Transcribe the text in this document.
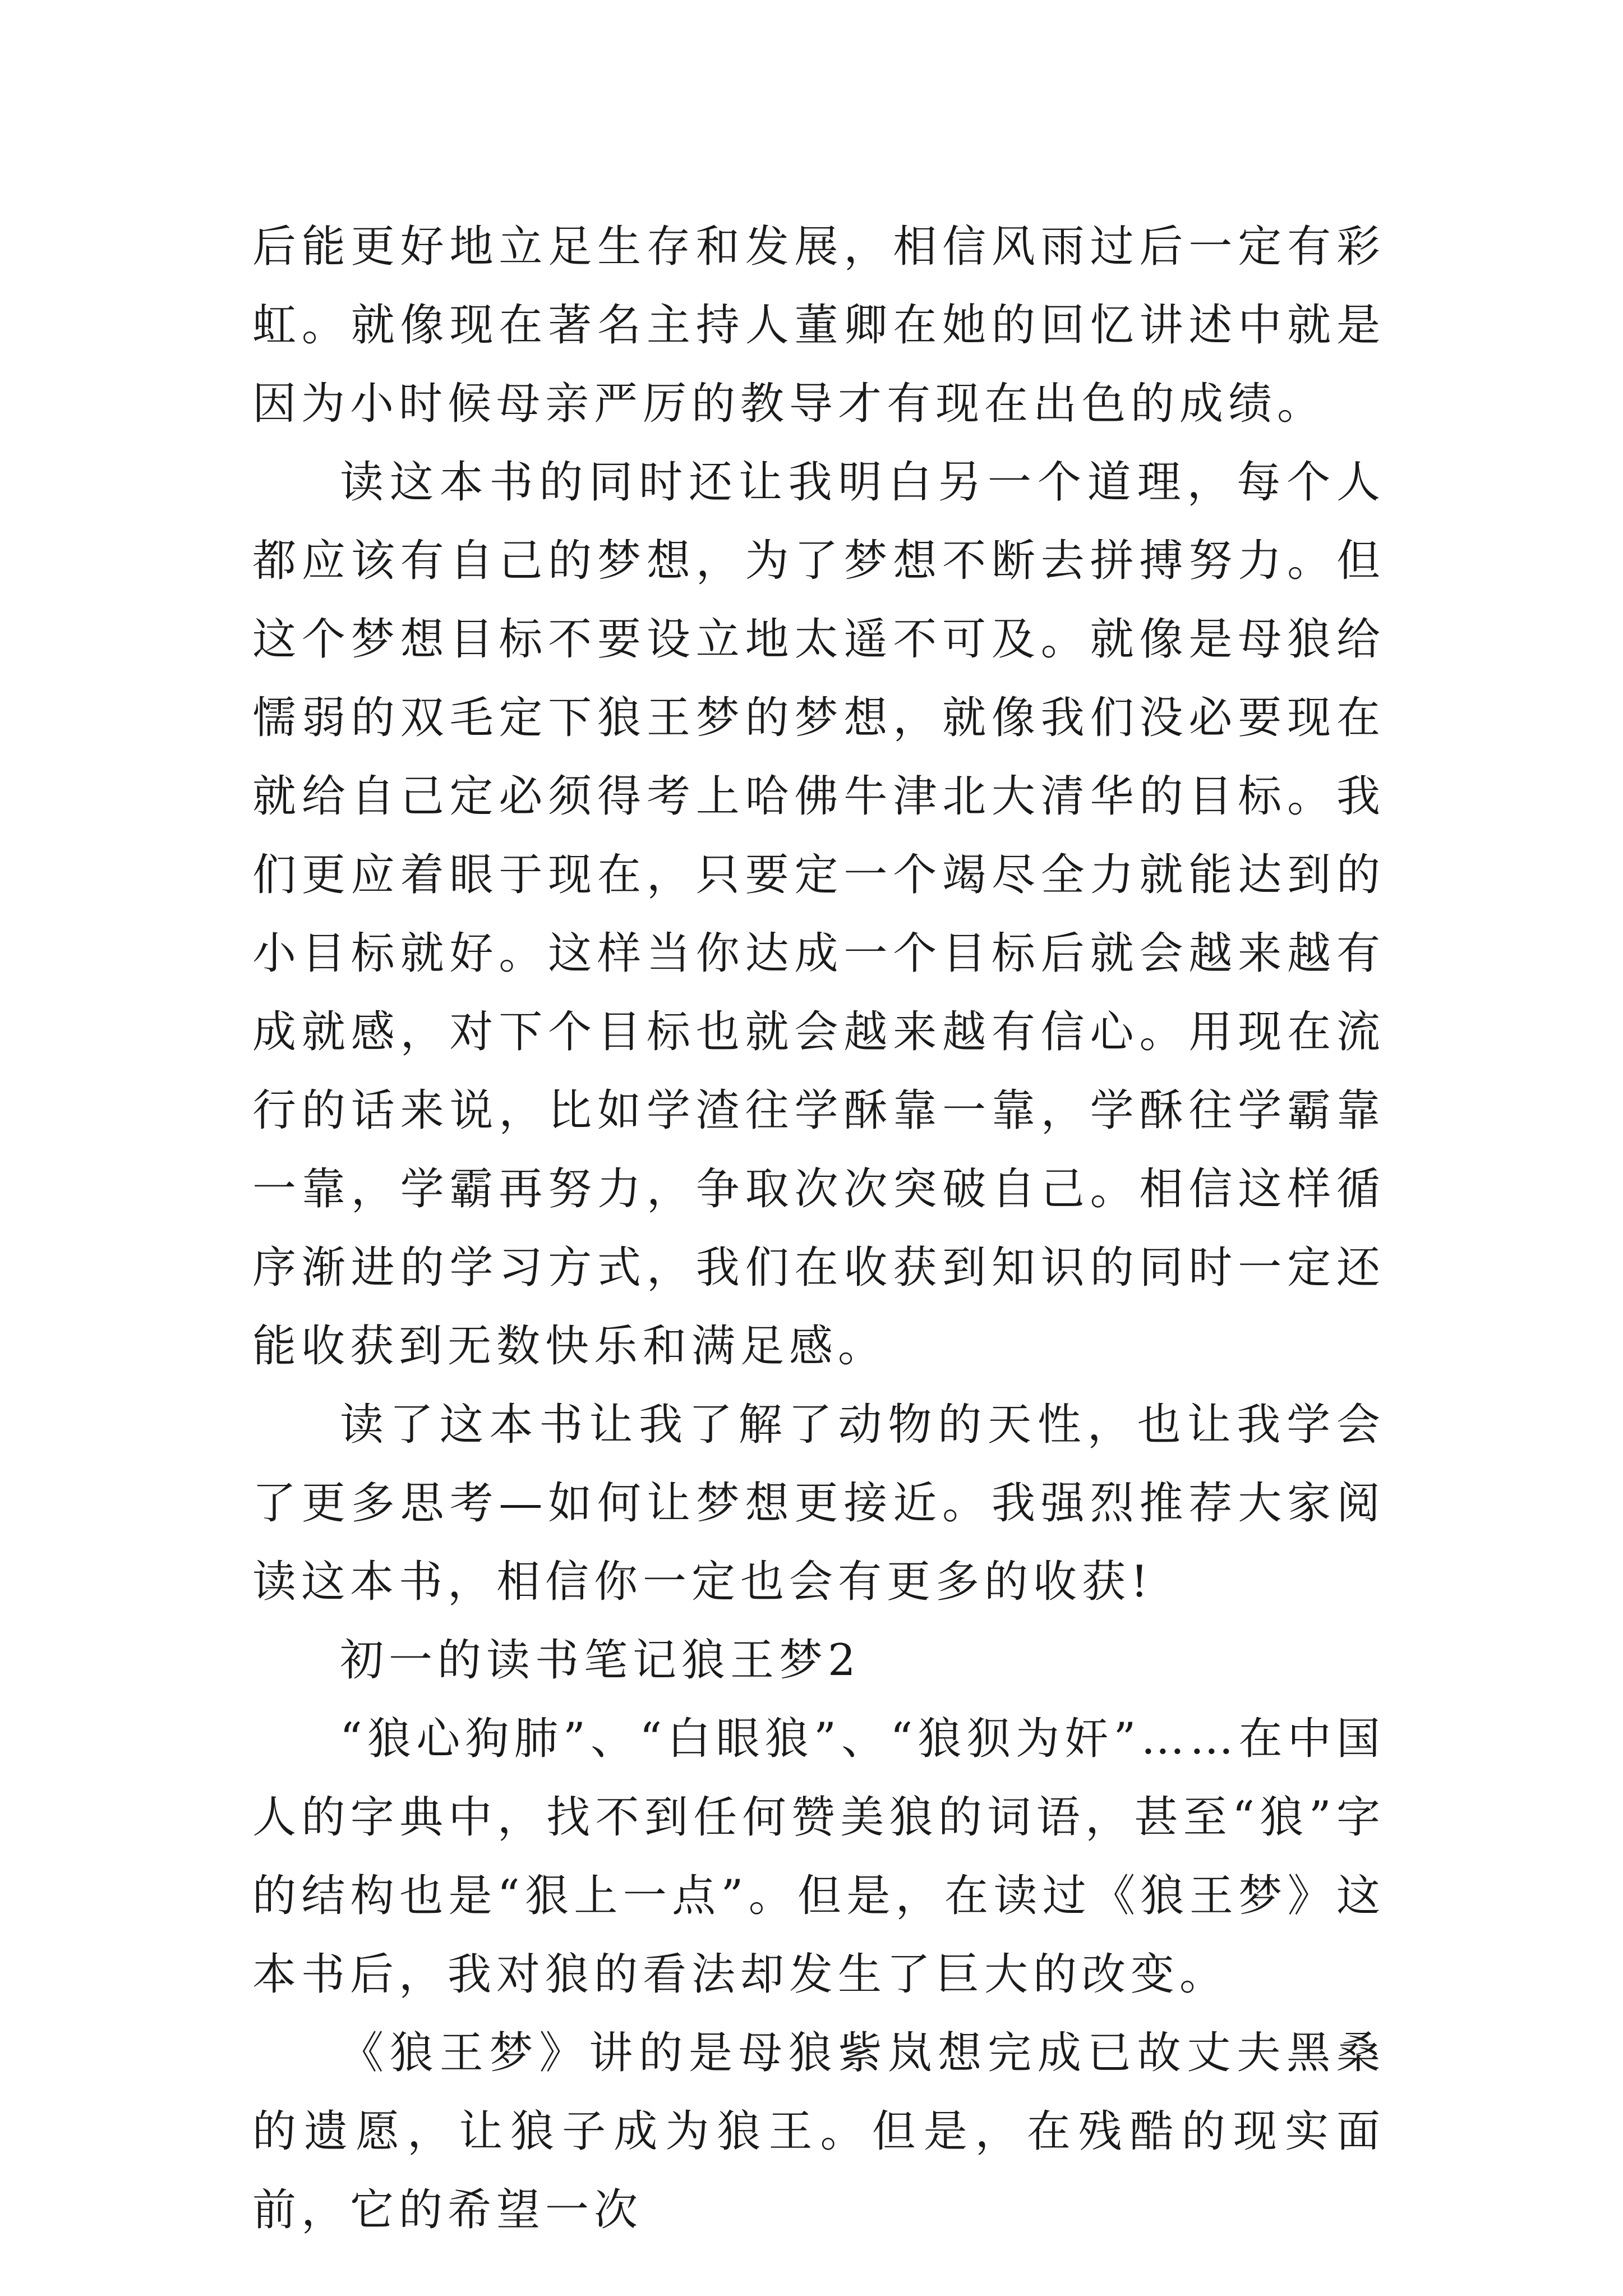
后能更好地立足生存和发展，相信风雨过后一定有彩虹。就像现在著名主持人董卿在她的回忆讲述中就是因为小时候母亲严厉的教导才有现在出色的成绩。

读这本书的同时还让我明白另一个道理，每个人都应该有自己的梦想，为了梦想不断去拼搏努力。但这个梦想目标不要设立地太遥不可及。就像是母狼给懦弱的双毛定下狼王梦的梦想，就像我们没必要现在就给自己定必须得考上哈佛牛津北大清华的目标。我们更应着眼于现在，只要定一个竭尽全力就能达到的小目标就好。这样当你达成一个目标后就会越来越有成就感，对下个目标也就会越来越有信心。用现在流行的话来说，比如学渣往学酥靠一靠，学酥往学霸靠一靠，学霸再努力，争取次次突破自己。相信这样循序渐进的学习方式，我们在收获到知识的同时一定还能收获到无数快乐和满足感。

读了这本书让我了解了动物的天性，也让我学会了更多思考—如何让梦想更接近。我强烈推荐大家阅读这本书，相信你一定也会有更多的收获!

初一的读书笔记狼王梦2

“狼心狗肺”、“白眼狼”、“狼狈为奸”……在中国人的字典中，找不到任何赞美狼的词语，甚至“狼”字的结构也是“狠上一点”。但是，在读过《狼王梦》这本书后，我对狼的看法却发生了巨大的改变。

《狼王梦》讲的是母狼紫岚想完成已故丈夫黑桑的遗愿，让狼子成为狼王。但是，在残酷的现实面前，它的希望一次
